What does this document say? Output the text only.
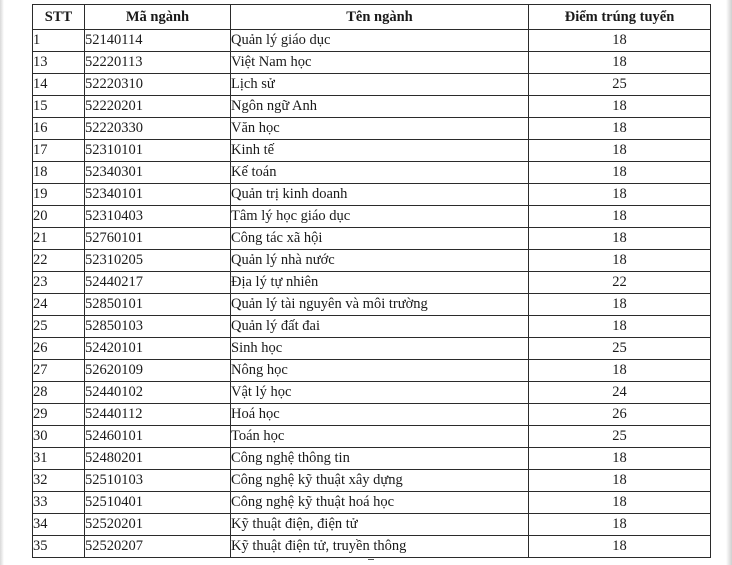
STT	Mã ngành	Tên ngành	Điểm trúng tuyển
1	52140114	Quản lý giáo dục	18
13	52220113	Việt Nam học	18
14	52220310	Lịch sử	25
15	52220201	Ngôn ngữ Anh	18
16	52220330	Văn học	18
17	52310101	Kinh tế	18
18	52340301	Kế toán	18
19	52340101	Quản trị kinh doanh	18
20	52310403	Tâm lý học giáo dục	18
21	52760101	Công tác xã hội	18
22	52310205	Quản lý nhà nước	18
23	52440217	Địa lý tự nhiên	22
24	52850101	Quản lý tài nguyên và môi trường	18
25	52850103	Quản lý đất đai	18
26	52420101	Sinh học	25
27	52620109	Nông học	18
28	52440102	Vật lý học	24
29	52440112	Hoá học	26
30	52460101	Toán học	25
31	52480201	Công nghệ thông tin	18
32	52510103	Công nghệ kỹ thuật xây dựng	18
33	52510401	Công nghệ kỹ thuật hoá học	18
34	52520201	Kỹ thuật điện, điện tử	18
35	52520207	Kỹ thuật điện tử, truyền thông	18
